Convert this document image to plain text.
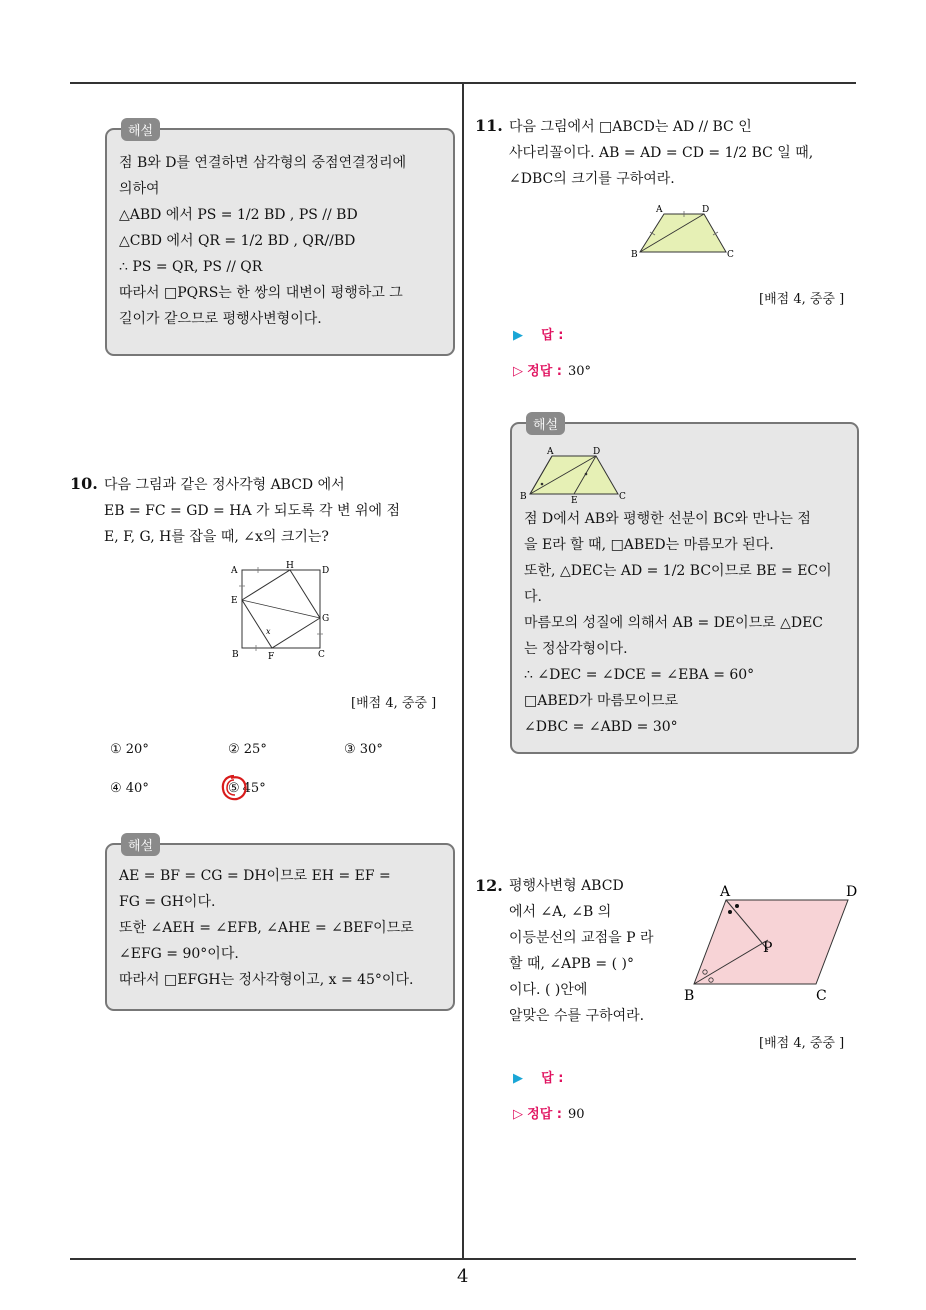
4
해설
점 B와 D를 연결하면 삼각형의 중점연결정리에
의하여
△ABD 에서 PS = 1/2 BD , PS // BD
△CBD 에서 QR = 1/2 BD , QR//BD
∴ PS = QR, PS // QR
따라서 □PQRS는 한 쌍의 대변이 평행하고 그
길이가 같으므로 평행사변형이다.
10. 다음 그림과 같은 정사각형 ABCD 에서
EB = FC = GD = HA 가 되도록 각 변 위에 점
E, F, G, H를 잡을 때, ∠x의 크기는?
A	H	D
E
G
B	F	C
x
[배점 4, 중중 ]
① 20°	② 25°	③ 30°
④ 40°	⑤ 45°
해설
AE = BF = CG = DH이므로 EH = EF =
FG = GH이다.
또한 ∠AEH = ∠EFB, ∠AHE = ∠BEF이므로
∠EFG = 90°이다.
따라서 □EFGH는 정사각형이고, x = 45°이다.
11. 다음 그림에서 □ABCD는 AD // BC 인
사다리꼴이다. AB = AD = CD = 1/2 BC 일 때,
∠DBC의 크기를 구하여라.
A	D
B	C
[배점 4, 중중 ]
▶ 답 :
▷ 정답 : 30°
해설
A	D
B	E	C
점 D에서 AB와 평행한 선분이 BC와 만나는 점
을 E라 할 때, □ABED는 마름모가 된다.
또한, △DEC는 AD = 1/2 BC이므로 BE = EC이
다.
마름모의 성질에 의해서 AB = DE이므로 △DEC
는 정삼각형이다.
∴ ∠DEC = ∠DCE = ∠EBA = 60°
□ABED가 마름모이므로
∠DBC = ∠ABD = 30°
12. 평행사변형 ABCD
에서 ∠A, ∠B 의
이등분선의 교점을 P 라
할 때, ∠APB = ( )°
이다. ( )안에
알맞은 수를 구하여라.
A	D
P
B	C
[배점 4, 중중 ]
▶ 답 :
▷ 정답 : 90
